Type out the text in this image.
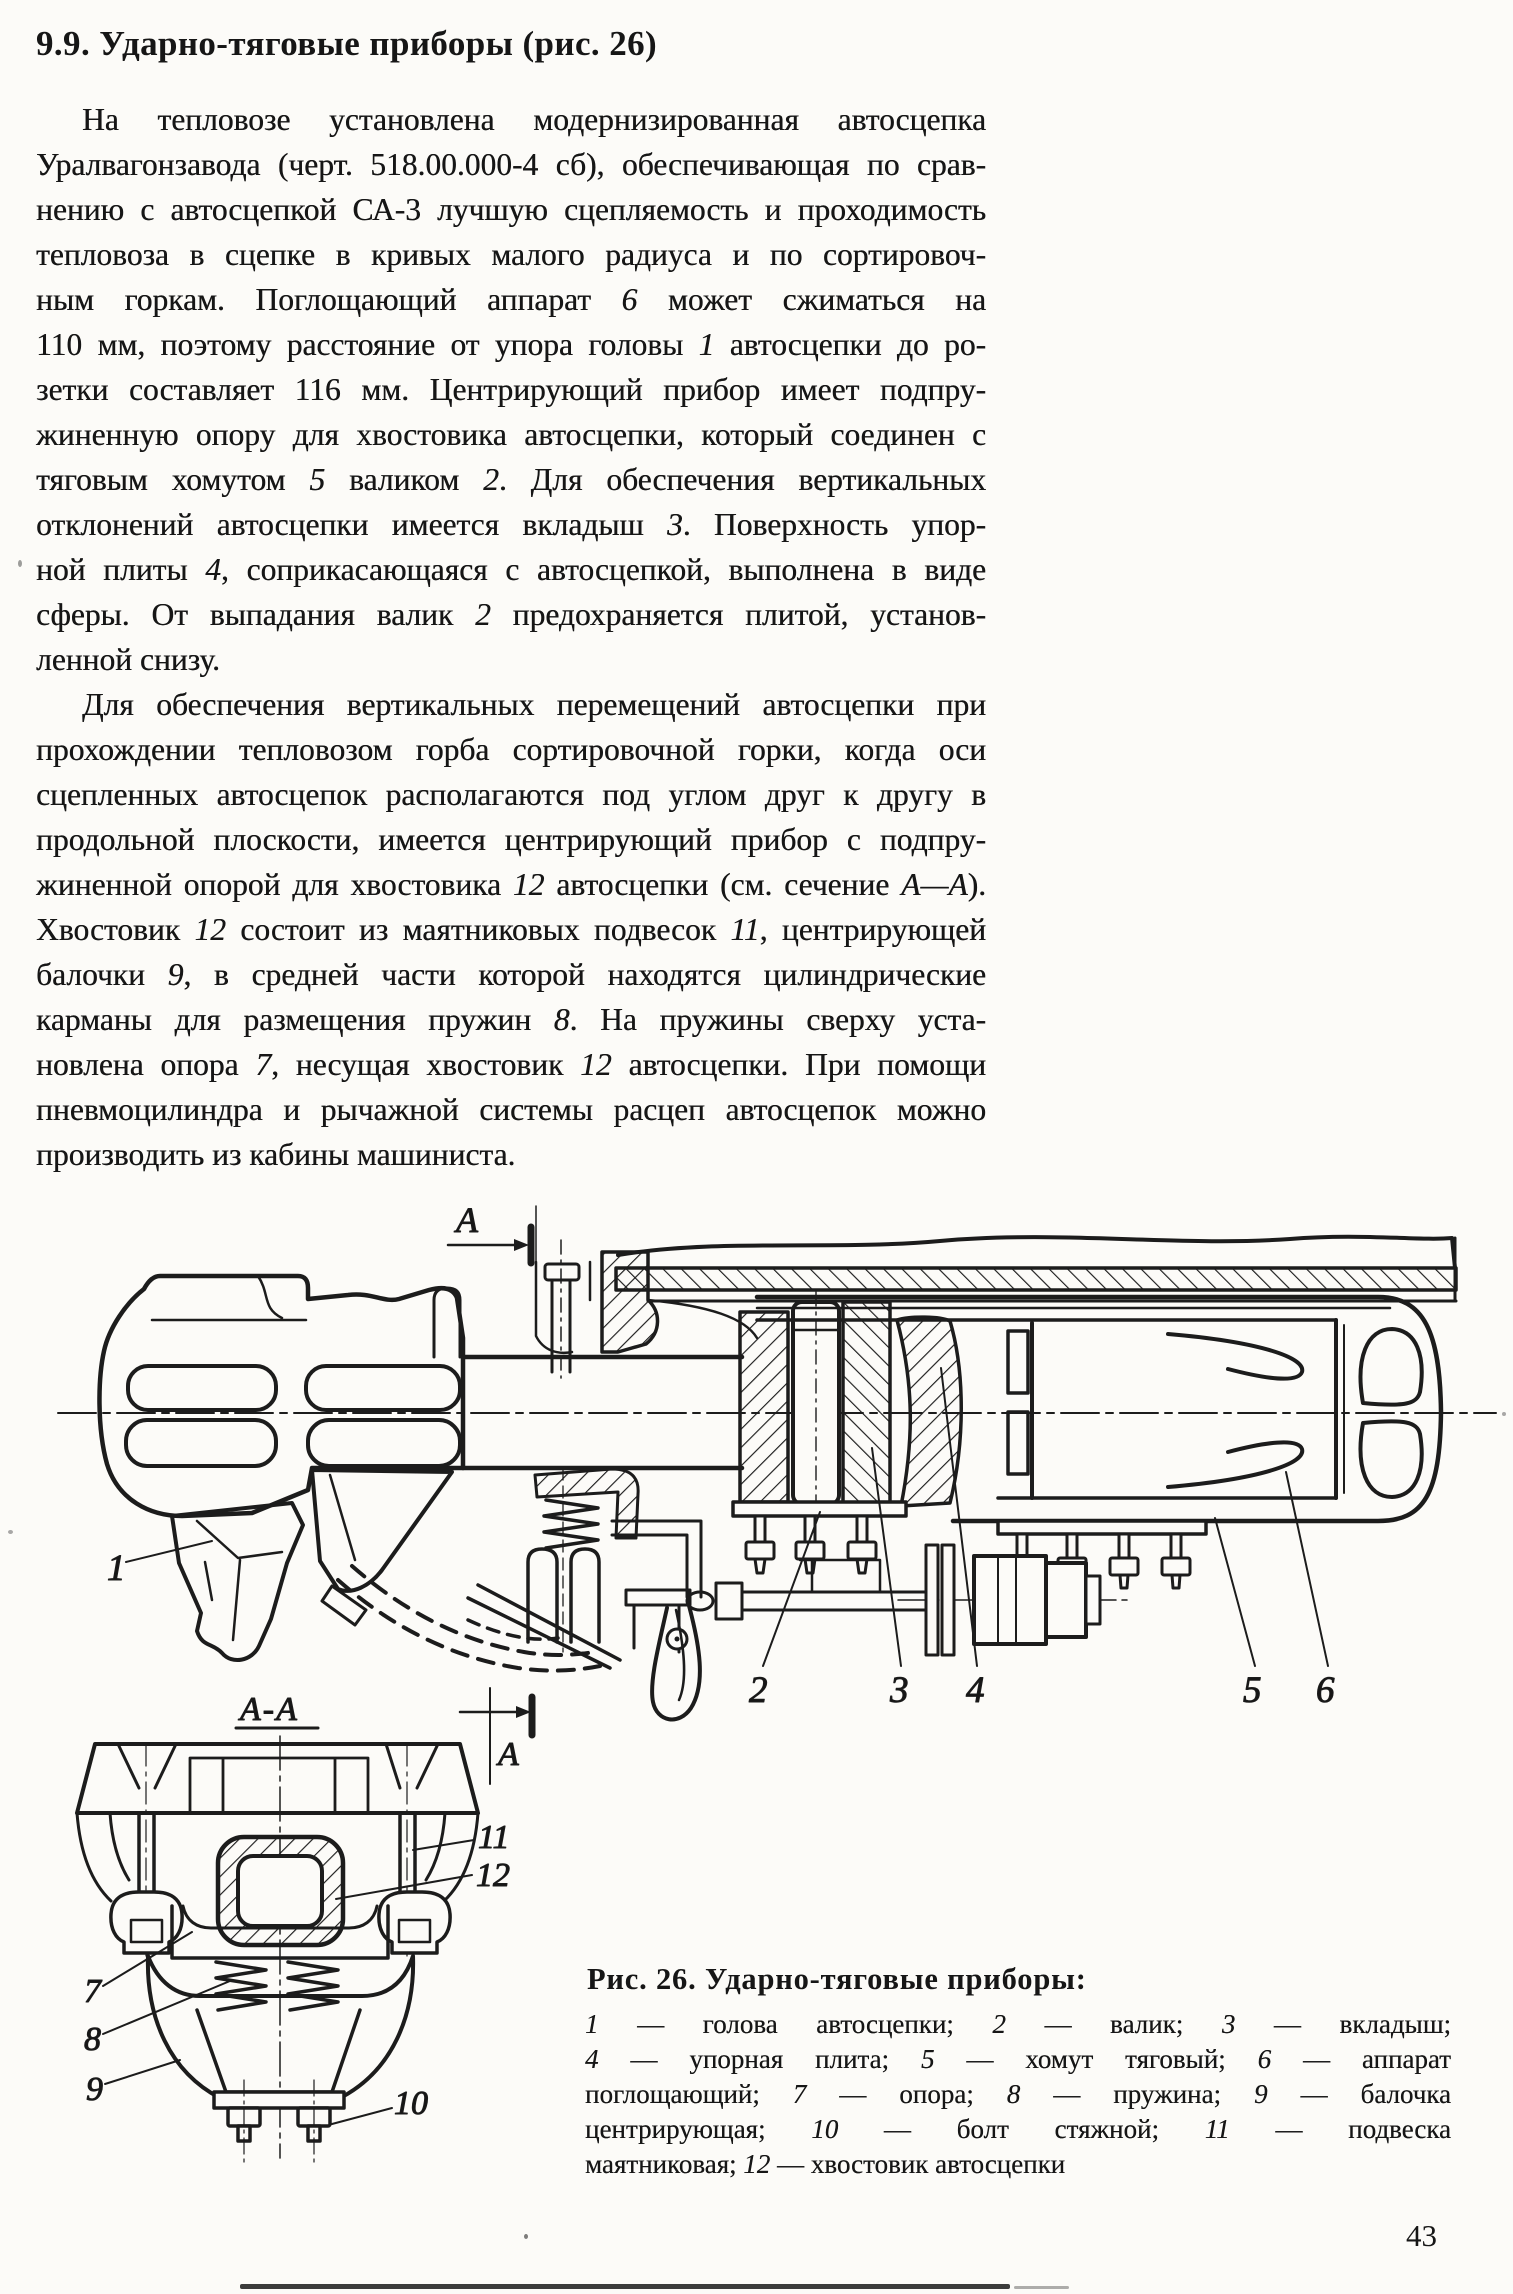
9.9. Ударно-тяговые приборы (рис. 26)
На тепловозе установлена модернизированная автосцепка
Уралвагонзавода (черт. 518.00.000-4 сб), обеспечивающая по срав-
нению с автосцепкой СА-3 лучшую сцепляемость и проходимость
тепловоза в сцепке в кривых малого радиуса и по сортировоч-
ным горкам. Поглощающий аппарат 6 может сжиматься на
110 мм, поэтому расстояние от упора головы 1 автосцепки до ро-
зетки составляет 116 мм. Центрирующий прибор имеет подпру-
жиненную опору для хвостовика автосцепки, который соединен с
тяговым хомутом 5 валиком 2. Для обеспечения вертикальных
отклонений автосцепки имеется вкладыш 3. Поверхность упор-
ной плиты 4, соприкасающаяся с автосцепкой, выполнена в виде
сферы. От выпадания валик 2 предохраняется плитой, установ-
ленной снизу.
Для обеспечения вертикальных перемещений автосцепки при
прохождении тепловозом горба сортировочной горки, когда оси
сцепленных автосцепок располагаются под углом друг к другу в
продольной плоскости, имеется центрирующий прибор с подпру-
жиненной опорой для хвостовика 12 автосцепки (см. сечение А—А).
Хвостовик 12 состоит из маятниковых подвесок 11, центрирующей
балочки 9, в средней части которой находятся цилиндрические
карманы для размещения пружин 8. На пружины сверху уста-
новлена опора 7, несущая хвостовик 12 автосцепки. При помощи
пневмоцилиндра и рычажной системы расцеп автосцепок можно
производить из кабины машиниста.
1
2	3 4	5 6
А
А
А-А
7
8
9	10
11
12
Рис. 26. Ударно-тяговые приборы:
1 — голова автосцепки; 2 — валик; 3 — вкладыш;
4 — упорная плита; 5 — хомут тяговый; 6 — аппарат
поглощающий; 7 — опора; 8 — пружина; 9 — балочка
центрирующая; 10 — болт стяжной; 11 — подвеска
маятниковая; 12 — хвостовик автосцепки
43
